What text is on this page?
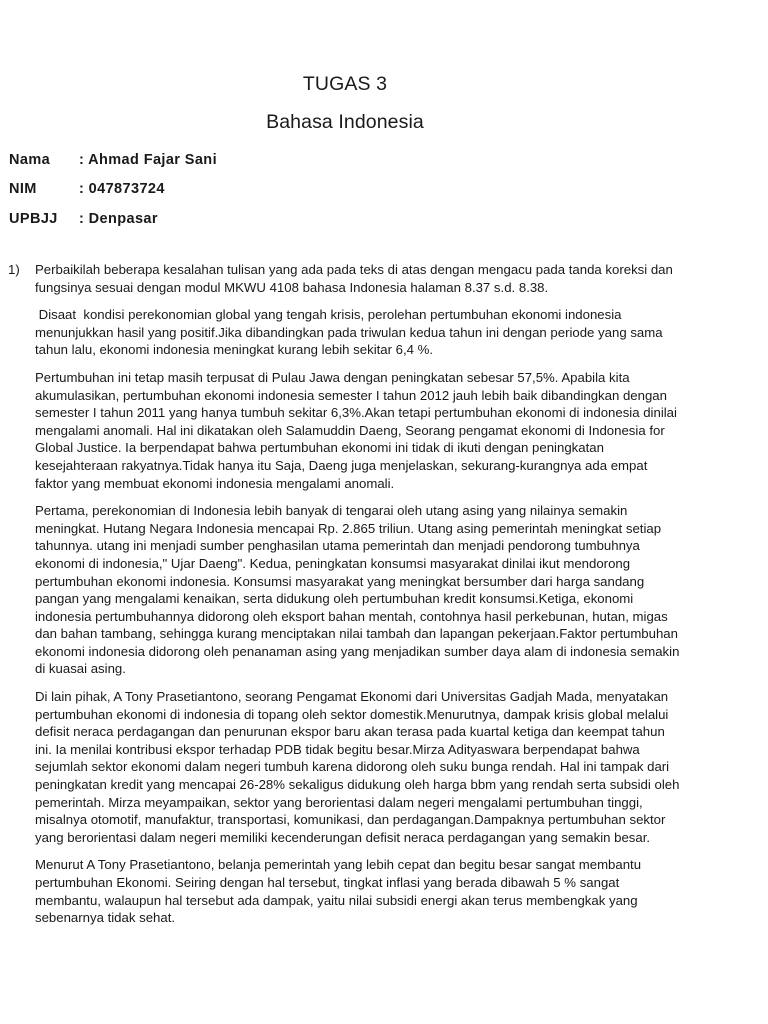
TUGAS 3
Bahasa Indonesia
Nama	: Ahmad Fajar Sani
NIM	: 047873724
UPBJJ	: Denpasar
1)	Perbaikilah beberapa kesalahan tulisan yang ada pada teks di atas dengan mengacu pada tanda koreksi dan fungsinya sesuai dengan modul MKWU 4108 bahasa Indonesia halaman 8.37 s.d. 8.38.

Disaat  kondisi perekonomian global yang tengah krisis, perolehan pertumbuhan ekonomi indonesia menunjukkan hasil yang positif.Jika dibandingkan pada triwulan kedua tahun ini dengan periode yang sama tahun lalu, ekonomi indonesia meningkat kurang lebih sekitar 6,4 %.

Pertumbuhan ini tetap masih terpusat di Pulau Jawa dengan peningkatan sebesar 57,5%. Apabila kita akumulasikan, pertumbuhan ekonomi indonesia semester I tahun 2012 jauh lebih baik dibandingkan dengan semester I tahun 2011 yang hanya tumbuh sekitar 6,3%.Akan tetapi pertumbuhan ekonomi di indonesia dinilai mengalami anomali. Hal ini dikatakan oleh Salamuddin Daeng, Seorang pengamat ekonomi di Indonesia for Global Justice. Ia berpendapat bahwa pertumbuhan ekonomi ini tidak di ikuti dengan peningkatan kesejahteraan rakyatnya.Tidak hanya itu Saja, Daeng juga menjelaskan, sekurang-kurangnya ada empat faktor yang membuat ekonomi indonesia mengalami anomali.

Pertama, perekonomian di Indonesia lebih banyak di tengarai oleh utang asing yang nilainya semakin meningkat. Hutang Negara Indonesia mencapai Rp. 2.865 triliun. Utang asing pemerintah meningkat setiap tahunnya. utang ini menjadi sumber penghasilan utama pemerintah dan menjadi pendorong tumbuhnya ekonomi di indonesia," Ujar Daeng". Kedua, peningkatan konsumsi masyarakat dinilai ikut mendorong pertumbuhan ekonomi indonesia. Konsumsi masyarakat yang meningkat bersumber dari harga sandang pangan yang mengalami kenaikan, serta didukung oleh pertumbuhan kredit konsumsi.Ketiga, ekonomi indonesia pertumbuhannya didorong oleh eksport bahan mentah, contohnya hasil perkebunan, hutan, migas dan bahan tambang, sehingga kurang menciptakan nilai tambah dan lapangan pekerjaan.Faktor pertumbuhan ekonomi indonesia didorong oleh penanaman asing yang menjadikan sumber daya alam di indonesia semakin di kuasai asing.

Di lain pihak, A Tony Prasetiantono, seorang Pengamat Ekonomi dari Universitas Gadjah Mada, menyatakan pertumbuhan ekonomi di indonesia di topang oleh sektor domestik.Menurutnya, dampak krisis global melalui defisit neraca perdagangan dan penurunan ekspor baru akan terasa pada kuartal ketiga dan keempat tahun ini. Ia menilai kontribusi ekspor terhadap PDB tidak begitu besar.Mirza Adityaswara berpendapat bahwa sejumlah sektor ekonomi dalam negeri tumbuh karena didorong oleh suku bunga rendah. Hal ini tampak dari peningkatan kredit yang mencapai 26-28% sekaligus didukung oleh harga bbm yang rendah serta subsidi oleh pemerintah. Mirza meyampaikan, sektor yang berorientasi dalam negeri mengalami pertumbuhan tinggi, misalnya otomotif, manufaktur, transportasi, komunikasi, dan perdagangan.Dampaknya pertumbuhan sektor yang berorientasi dalam negeri memiliki kecenderungan defisit neraca perdagangan yang semakin besar.

Menurut A Tony Prasetiantono, belanja pemerintah yang lebih cepat dan begitu besar sangat membantu pertumbuhan Ekonomi. Seiring dengan hal tersebut, tingkat inflasi yang berada dibawah 5 % sangat membantu, walaupun hal tersebut ada dampak, yaitu nilai subsidi energi akan terus membengkak yang sebenarnya tidak sehat.
